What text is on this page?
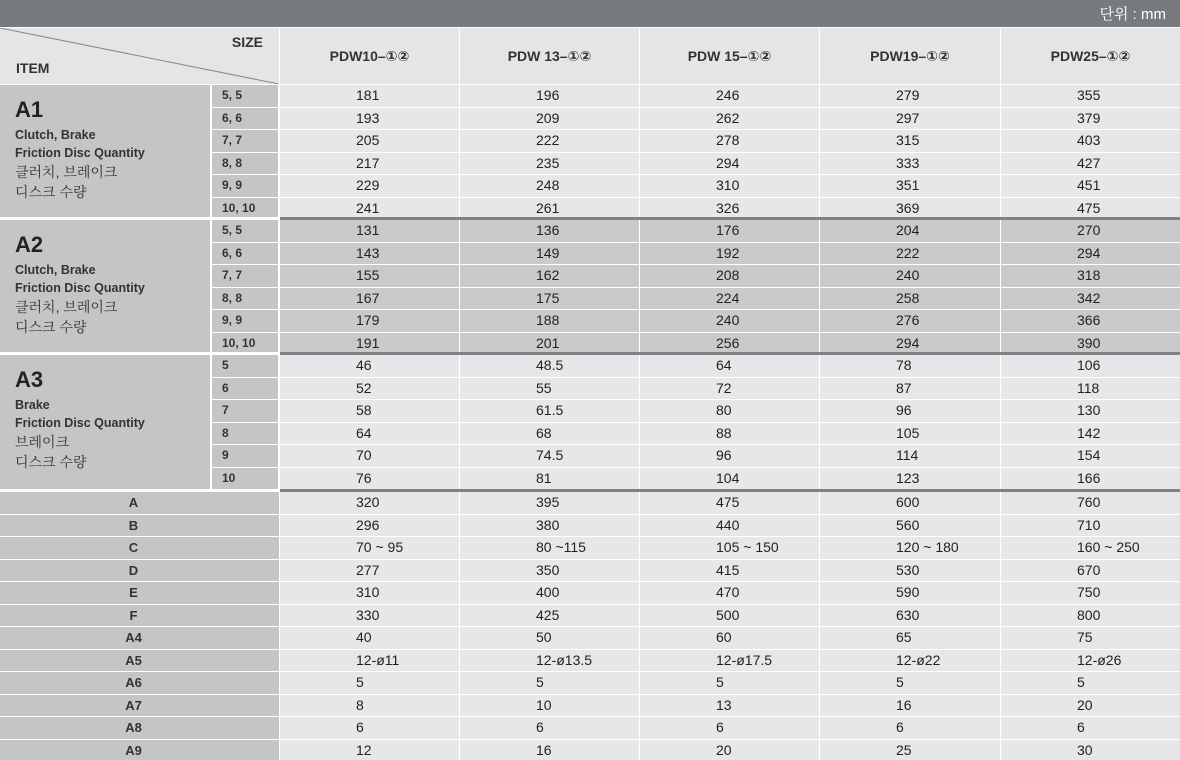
단위 : mm
SIZE
ITEM
PDW10–①②	PDW 13–①②	PDW 15–①②	PDW19–①②	PDW25–①②
A1
Clutch, Brake
Friction Disc Quantity
클러치, 브레이크
디스크 수량
5, 5	181	196	246	279	355
6, 6	193	209	262	297	379
7, 7	205	222	278	315	403
8, 8	217	235	294	333	427
9, 9	229	248	310	351	451
10, 10	241	261	326	369	475
A2
Clutch, Brake
Friction Disc Quantity
클러치, 브레이크
디스크 수량
5, 5	131	136	176	204	270
6, 6	143	149	192	222	294
7, 7	155	162	208	240	318
8, 8	167	175	224	258	342
9, 9	179	188	240	276	366
10, 10	191	201	256	294	390
A3
Brake
Friction Disc Quantity
브레이크
디스크 수량
5	46	48.5	64	78	106
6	52	55	72	87	118
7	58	61.5	80	96	130
8	64	68	88	105	142
9	70	74.5	96	114	154
10	76	81	104	123	166
A	320	395	475	600	760
B	296	380	440	560	710
C	70 ~ 95	80 ~115	105 ~ 150	120 ~ 180	160 ~ 250
D	277	350	415	530	670
E	310	400	470	590	750
F	330	425	500	630	800
A4	40	50	60	65	75
A5	12-ø11	12-ø13.5	12-ø17.5	12-ø22	12-ø26
A6	5	5	5	5	5
A7	8	10	13	16	20
A8	6	6	6	6	6
A9	12	16	20	25	30
